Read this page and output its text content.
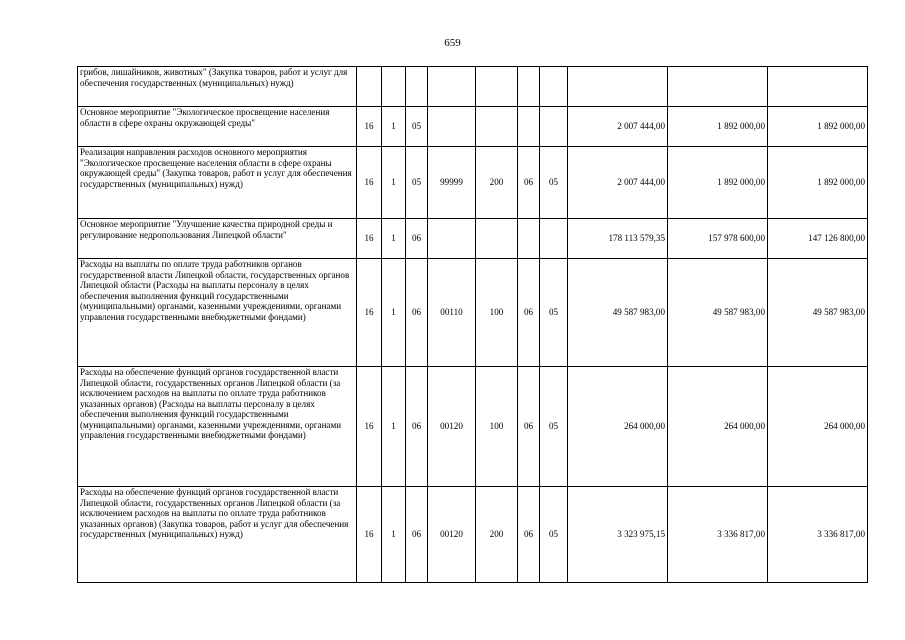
659
грибов, лишайников, животных" (Закупка товаров, работ и услуг для обеспечения государственных (муниципальных) нужд)										
Основное мероприятие "Экологическое просвещение населения области в сфере охраны окружающей среды"	16	1	05					2 007 444,00	1 892 000,00	1 892 000,00
Реализация направления расходов основного мероприятия "Экологическое просвещение населения области в сфере охраны окружающей среды" (Закупка товаров, работ и услуг для обеспечения государственных (муниципальных) нужд)	16	1	05	99999	200	06	05	2 007 444,00	1 892 000,00	1 892 000,00
Основное мероприятие "Улучшение качества природной среды и регулирование недропользования Липецкой области"	16	1	06					178 113 579,35	157 978 600,00	147 126 800,00
Расходы на выплаты по оплате труда работников органов государственной власти Липецкой области, государственных органов Липецкой области (Расходы на выплаты персоналу в целях обеспечения выполнения функций государственными (муниципальными) органами, казенными учреждениями, органами управления государственными внебюджетными фондами)	16	1	06	00110	100	06	05	49 587 983,00	49 587 983,00	49 587 983,00
Расходы на обеспечение функций органов государственной власти Липецкой области, государственных органов Липецкой области (за исключением расходов на выплаты по оплате труда работников указанных органов) (Расходы на выплаты персоналу в целях обеспечения выполнения функций государственными (муниципальными) органами, казенными учреждениями, органами управления государственными внебюджетными фондами)	16	1	06	00120	100	06	05	264 000,00	264 000,00	264 000,00
Расходы на обеспечение функций органов государственной власти Липецкой области, государственных органов Липецкой области (за исключением расходов на выплаты по оплате труда работников указанных органов) (Закупка товаров, работ и услуг для обеспечения государственных (муниципальных) нужд)	16	1	06	00120	200	06	05	3 323 975,15	3 336 817,00	3 336 817,00
